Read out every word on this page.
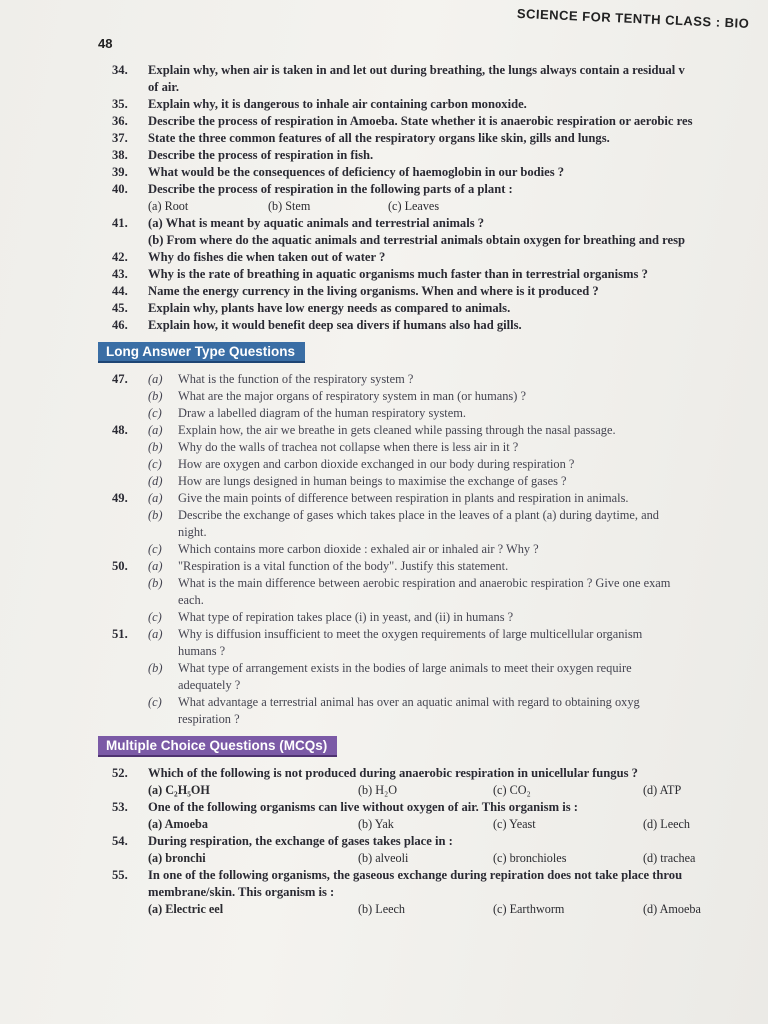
SCIENCE FOR TENTH CLASS : BIO
48
34.	Explain why, when air is taken in and let out during breathing, the lungs always contain a residual v
of air.
35.	Explain why, it is dangerous to inhale air containing carbon monoxide.
36.	Describe the process of respiration in Amoeba. State whether it is anaerobic respiration or aerobic res
37.	State the three common features of all the respiratory organs like skin, gills and lungs.
38.	Describe the process of respiration in fish.
39.	What would be the consequences of deficiency of haemoglobin in our bodies ?
40.	Describe the process of respiration in the following parts of a plant :
(a) Root	(b) Stem	(c) Leaves
41.	(a) What is meant by aquatic animals and terrestrial animals ?
(b) From where do the aquatic animals and terrestrial animals obtain oxygen for breathing and resp
42.	Why do fishes die when taken out of water ?
43.	Why is the rate of breathing in aquatic organisms much faster than in terrestrial organisms ?
44.	Name the energy currency in the living organisms. When and where is it produced ?
45.	Explain why, plants have low energy needs as compared to animals.
46.	Explain how, it would benefit deep sea divers if humans also had gills.
Long Answer Type Questions
47.	(a)	What is the function of the respiratory system ?
(b)	What are the major organs of respiratory system in man (or humans) ?
(c)	Draw a labelled diagram of the human respiratory system.
48.	(a)	Explain how, the air we breathe in gets cleaned while passing through the nasal passage.
(b)	Why do the walls of trachea not collapse when there is less air in it ?
(c)	How are oxygen and carbon dioxide exchanged in our body during respiration ?
(d)	How are lungs designed in human beings to maximise the exchange of gases ?
49.	(a)	Give the main points of difference between respiration in plants and respiration in animals.
(b)	Describe the exchange of gases which takes place in the leaves of a plant (a) during daytime, and
night.
(c)	Which contains more carbon dioxide : exhaled air or inhaled air ? Why ?
50.	(a)	"Respiration is a vital function of the body". Justify this statement.
(b)	What is the main difference between aerobic respiration and anaerobic respiration ? Give one exam
each.
(c)	What type of repiration takes place (i) in yeast, and (ii) in humans ?
51.	(a)	Why is diffusion insufficient to meet the oxygen requirements of large multicellular organism
humans ?
(b)	What type of arrangement exists in the bodies of large animals to meet their oxygen require
adequately ?
(c)	What advantage a terrestrial animal has over an aquatic animal with regard to obtaining oxyg
respiration ?
Multiple Choice Questions (MCQs)
52.	Which of the following is not produced during anaerobic respiration in unicellular fungus ?
(a) C₂H₅OH	(b) H₂O	(c) CO₂	(d) ATP
53.	One of the following organisms can live without oxygen of air. This organism is :
(a) Amoeba	(b) Yak	(c) Yeast	(d) Leech
54.	During respiration, the exchange of gases takes place in :
(a) bronchi	(b) alveoli	(c) bronchioles	(d) trachea
55.	In one of the following organisms, the gaseous exchange during repiration does not take place throu
membrane/skin. This organism is :
(a) Electric eel	(b) Leech	(c) Earthworm	(d) Amoeba
